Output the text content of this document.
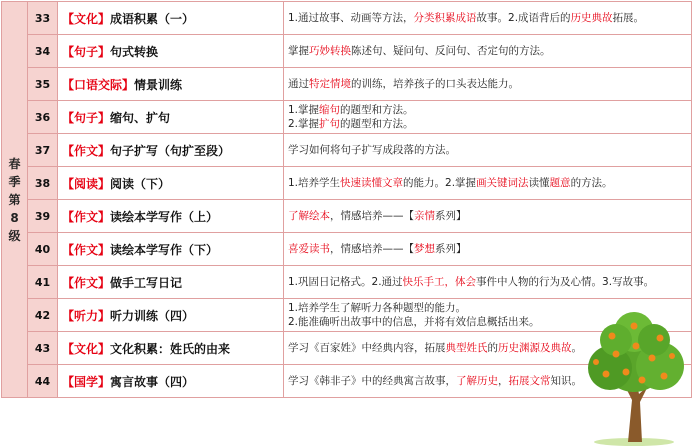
春季第8级	33	【文化】成语积累（一）	1.通过故事、动画等方法，分类积累成语故事。2.成语背后的历史典故拓展。

	34	【句子】句式转换	掌握巧妙转换陈述句、疑问句、反问句、否定句的方法。

	35	【口语交际】情景训练	通过特定情境的训练，培养孩子的口头表达能力。

	36	【句子】缩句、扩句	1.掌握缩句的题型和方法。
2.掌握扩句的题型和方法。

	37	【作文】句子扩写（句扩至段）	学习如何将句子扩写成段落的方法。

	38	【阅读】阅读（下）	1.培养学生快速读懂文章的能力。2.掌握画关键词法读懂题意的方法。

	39	【作文】读绘本学写作（上）	了解绘本，情感培养——【亲情系列】

	40	【作文】读绘本学写作（下）	喜爱读书，情感培养——【梦想系列】

	41	【作文】做手工写日记	1.巩固日记格式。2.通过快乐手工，体会事件中人物的行为及心情。3.写故事。

	42	【听力】听力训练（四）	1.培养学生了解听力各种题型的能力。
2.能准确听出故事中的信息，并将有效信息概括出来。

	43	【文化】文化积累：姓氏的由来	学习《百家姓》中经典内容，拓展典型姓氏的历史渊源及典故。

	44	【国学】寓言故事（四）	学习《韩非子》中的经典寓言故事，了解历史，拓展文常知识。
